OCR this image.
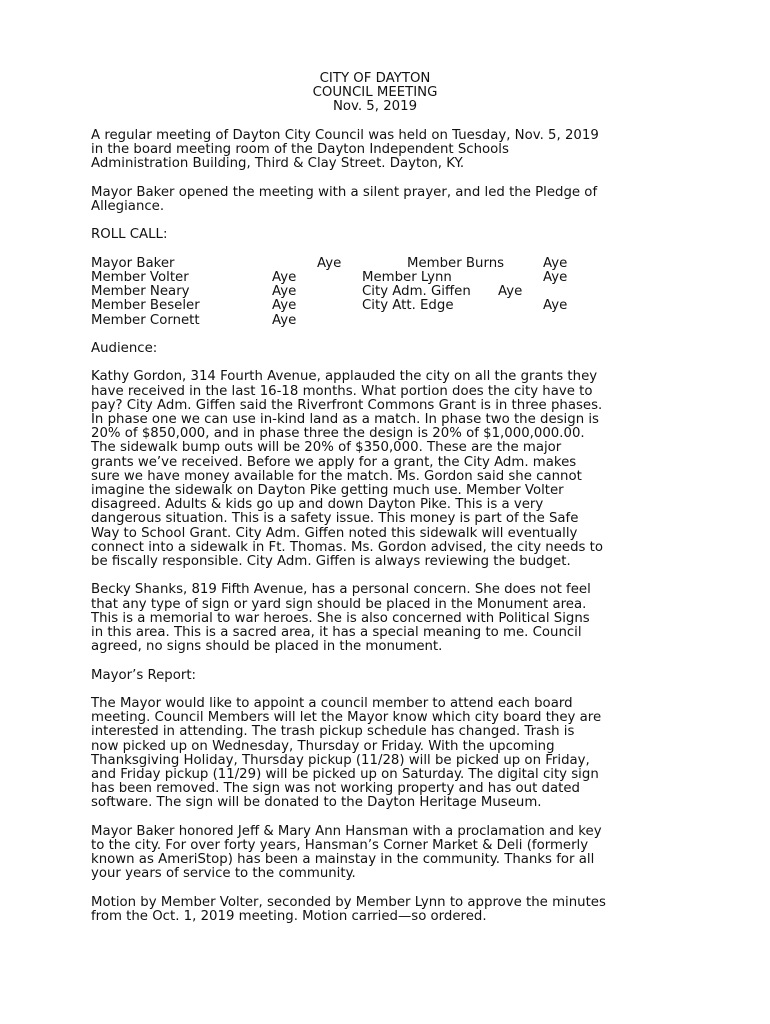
CITY OF DAYTON
COUNCIL MEETING
Nov. 5, 2019

A regular meeting of Dayton City Council was held on Tuesday, Nov. 5, 2019
in the board meeting room of the Dayton Independent Schools
Administration Building, Third & Clay Street. Dayton, KY.

Mayor Baker opened the meeting with a silent prayer, and led the Pledge of
Allegiance.

ROLL CALL:

Mayor Baker	Aye	Member Burns	Aye
Member Volter	Aye	Member Lynn	Aye
Member Neary	Aye	City Adm. Giffen Aye
Member Beseler	Aye	City Att. Edge	Aye
Member Cornett	Aye

Audience:

Kathy Gordon, 314 Fourth Avenue, applauded the city on all the grants they
have received in the last 16-18 months. What portion does the city have to
pay? City Adm. Giffen said the Riverfront Commons Grant is in three phases.
In phase one we can use in-kind land as a match. In phase two the design is
20% of $850,000, and in phase three the design is 20% of $1,000,000.00.
The sidewalk bump outs will be 20% of $350,000. These are the major
grants we’ve received. Before we apply for a grant, the City Adm. makes
sure we have money available for the match. Ms. Gordon said she cannot
imagine the sidewalk on Dayton Pike getting much use. Member Volter
disagreed. Adults & kids go up and down Dayton Pike. This is a very
dangerous situation. This is a safety issue. This money is part of the Safe
Way to School Grant. City Adm. Giffen noted this sidewalk will eventually
connect into a sidewalk in Ft. Thomas. Ms. Gordon advised, the city needs to
be fiscally responsible. City Adm. Giffen is always reviewing the budget.

Becky Shanks, 819 Fifth Avenue, has a personal concern. She does not feel
that any type of sign or yard sign should be placed in the Monument area.
This is a memorial to war heroes. She is also concerned with Political Signs
in this area. This is a sacred area, it has a special meaning to me. Council
agreed, no signs should be placed in the monument.

Mayor’s Report:

The Mayor would like to appoint a council member to attend each board
meeting. Council Members will let the Mayor know which city board they are
interested in attending. The trash pickup schedule has changed. Trash is
now picked up on Wednesday, Thursday or Friday. With the upcoming
Thanksgiving Holiday, Thursday pickup (11/28) will be picked up on Friday,
and Friday pickup (11/29) will be picked up on Saturday. The digital city sign
has been removed. The sign was not working property and has out dated
software. The sign will be donated to the Dayton Heritage Museum.

Mayor Baker honored Jeff & Mary Ann Hansman with a proclamation and key
to the city. For over forty years, Hansman’s Corner Market & Deli (formerly
known as AmeriStop) has been a mainstay in the community. Thanks for all
your years of service to the community.

Motion by Member Volter, seconded by Member Lynn to approve the minutes
from the Oct. 1, 2019 meeting. Motion carried—so ordered.
